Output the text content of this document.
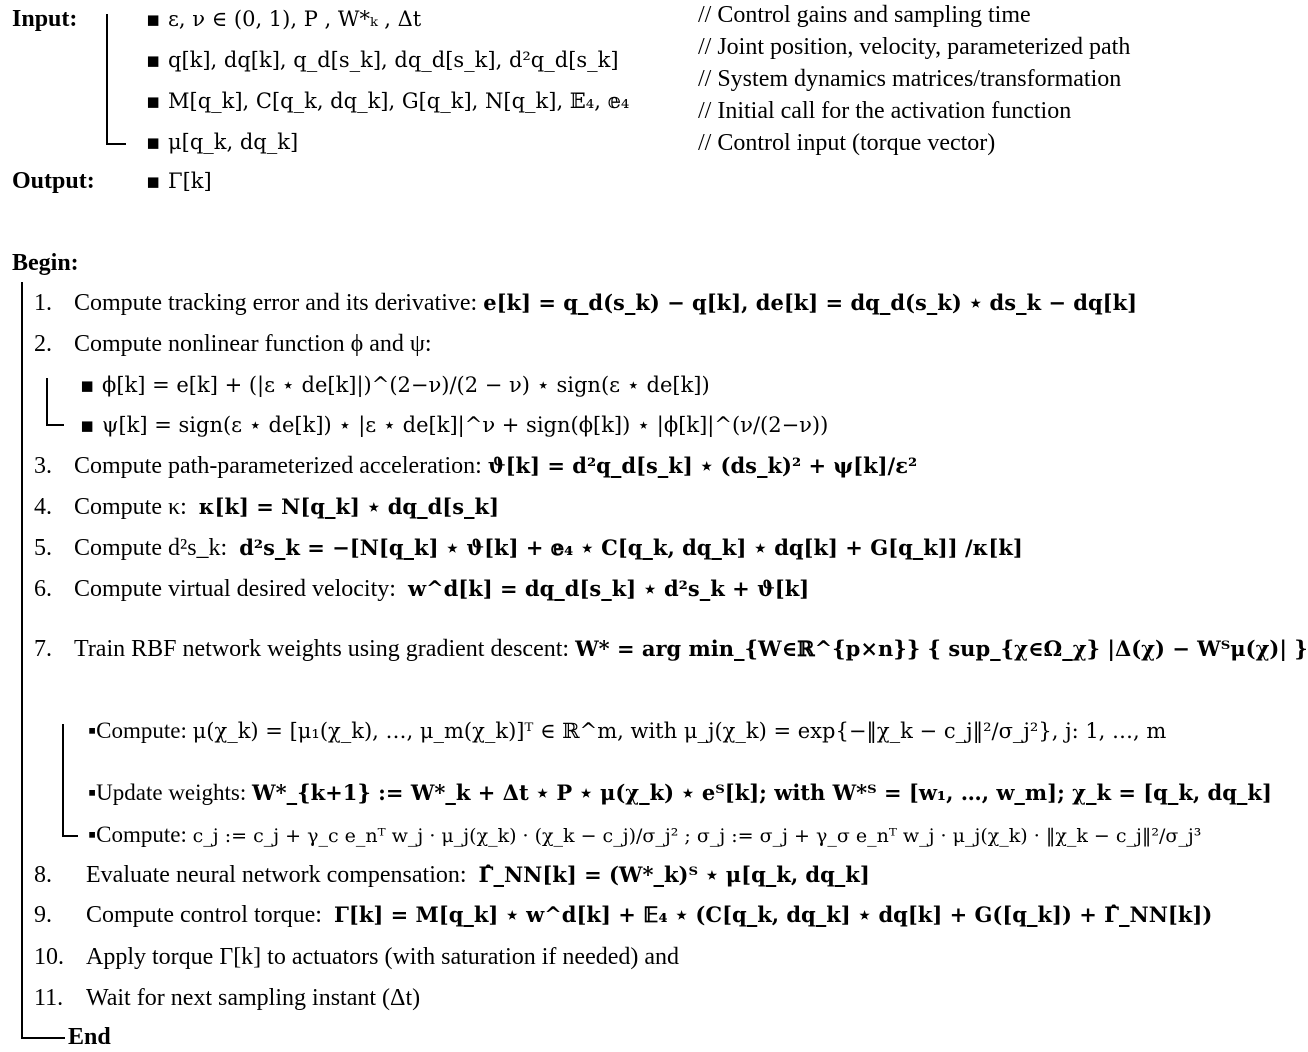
Input:
Output:
▪ ε, ν ∈ (0, 1), P , W*ₖ , Δt
▪ q[k], dq[k], q_d[s_k], dq_d[s_k], d²q_d[s_k]
▪ M[q_k], C[q_k, dq_k], G[q_k], N[q_k], 𝔼₄, 𝕖₄
▪ μ[q_k, dq_k]
▪ Γ[k]
// Control gains and sampling time
// Joint position, velocity, parameterized path
// System dynamics matrices/transformation
// Initial call for the activation function
// Control input (torque vector)
Begin:
End
1. Compute tracking error and its derivative: e[k] = q_d(s_k) − q[k], de[k] = dq_d(s_k) ⋆ ds_k − dq[k]
2. Compute nonlinear function ϕ and ψ:
▪ ϕ[k] = e[k] + (|ε ⋆ de[k]|)^(2−ν)/(2 − ν) ⋆ sign(ε ⋆ de[k])
▪ ψ[k] = sign(ε ⋆ de[k]) ⋆ |ε ⋆ de[k]|^ν + sign(ϕ[k]) ⋆ |ϕ[k]|^(ν/(2−ν))
3. Compute path-parameterized acceleration: ϑ[k] = d²q_d[s_k] ⋆ (ds_k)² + ψ[k]/ε²
4. Compute κ: κ[k] = N[q_k] ⋆ dq_d[s_k]
5. Compute d²s_k: d²s_k = −[N[q_k] ⋆ ϑ[k] + 𝕖₄ ⋆ C[q_k, dq_k] ⋆ dq[k] + G[q_k]] /κ[k]
6. Compute virtual desired velocity: w^d[k] = dq_d[s_k] ⋆ d²s_k + ϑ[k]
7. Train RBF network weights using gradient descent: W* = arg min_{W∈ℝ^{p×n}} { sup_{χ∈Ω_χ} |Δ(χ) − Wᵀμ(χ)| }
▪Compute: μ(χ_k) = [μ₁(χ_k), …, μ_m(χ_k)]ᵀ ∈ ℝ^m, with μ_j(χ_k) = exp{−‖χ_k − c_j‖²/σ_j²}, j: 1, …, m
▪Update weights: W*_{k+1} := W*_k + Δt ⋆ P ⋆ μ(χ_k) ⋆ eᵀ[k]; with W*ᵀ = [w₁, …, w_m]; χ_k = [q_k, dq_k]
▪Compute: c_j := c_j + γ_c e_nᵀ w_j · μ_j(χ_k) · (χ_k − c_j)/σ_j² ; σ_j := σ_j + γ_σ e_nᵀ w_j · μ_j(χ_k) · ‖χ_k − c_j‖²/σ_j³
8. Evaluate neural network compensation: Γ̂_NN[k] = (W*_k)ᵀ ⋆ μ[q_k, dq_k]
9. Compute control torque: Γ[k] = M[q_k] ⋆ w^d[k] + 𝔼₄ ⋆ (C[q_k, dq_k] ⋆ dq[k] + G([q_k]) + Γ̂_NN[k])
10. Apply torque Γ[k] to actuators (with saturation if needed) and
11. Wait for next sampling instant (Δt)
